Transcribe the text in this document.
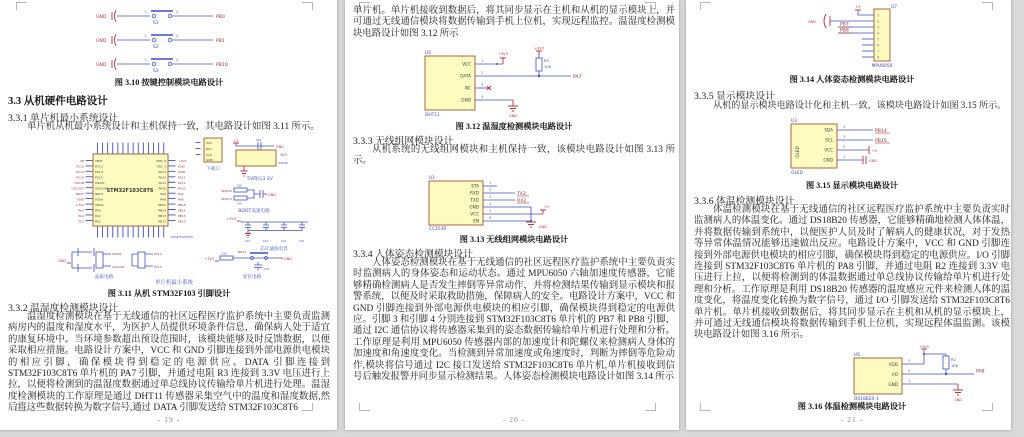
GND
1
S1
2
PB0
GND
1
S2
2
PB1
GND
1
S3
2
PB10
图 3.10 按键控制模块电路设计
3.3 从机硬件电路设计
3.3.1 单片机最小系统设计
单片机从机最小系统设计和主机保持一致，其电路设计如图 3.11 所示。
STM32F103C8T6
VBAT PC13 PC14 PC15 OSCIN OSCOUT NRST VSSA VDDA PA0 PA1 PA2
VB PC13 PC14 PC15 OSCIN OSCOUT NRST GND +3V3 PA0 PA1 TX2
VDD_3 VSS_3 PA13 PA12 PA11 PA10 PA9 PA8 PB15 PB14 PB13 PB12
+3V3 GND SWD PA12 PA11 PA10 PA9 PA8 PB15 PB14 PB13 PB12
STM32F103C8T6
VCC DIO CLK GND
下载口
+5	104
GND
3V3
XC6206
5V降压3.3V
BOOT0
10K
BOOT1
10K
GND
BOOT设置电路
+3V3
104	104	104	104
芯片滤波电容
GND
OSCIN
OSCOUT
PC14
PC15
晶振电路
+3V3
10K	NRST
GND
104
复位电路
单片机最小系统
图 3.11 从机 STM32F103 引脚设计
3.3.2 温湿度检测模块设计
温湿度检测模块在基于无线通信的社区远程医疗监护系统中主要负责监测病房内的温度和湿度水平，为医护人员提供环境条件信息，确保病人处于适宜的康复环境中。当环境参数超出预设范围时，该模块能够及时反馈数据，以便采取相应措施。电路设计方案中，VCC 和 GND 引脚连接到外部电源供电模块的相应引脚，确保模块得到稳定的电源供应。DATA 引脚连接到 STM32F103C8T6 单片机的 PA7 引脚，并通过电阻 R3 连接到 3.3V 电压进行上拉，以便将检测到的温湿度数据通过单总线协议传输给单片机进行处理。温湿度检测模块的工作原理是通过 DHT11 传感器采集空气中的温度和湿度数据,然后将这些数据转换为数字信号,通过 DATA 引脚发送给 STM32F103C8T6
- 19 -
单片机。单片机接收到数据后，将其同步显示在主机和从机的显示模块上，并可通过无线通信模块将数据传输到手机上位机，实现远程监控。温湿度检测模块电路设计如图 3.12 所示
U5
DHT11
VCC DATA NC GND
1 2 3 4
+3V3
+3V3
R3
10K
PA7
GND
图 3.12 温湿度检测模块电路设计
3.3.3 无线组网模块设计
从机系统的无线组网模块和主机保持一致，该模块电路设计如图 3.13 所示。
U1
CC2530
STA RXD TXD GND VCC EN
1 2 3 4 5 6
TX2
RX2
+5
GND
图 3.13 无线组网模块电路设计
3.3.4 人体姿态检测模块设计
人体姿态检测模块在基于无线通信的社区远程医疗监护系统中主要负责实时监测病人的身体姿态和运动状态。通过 MPU6050 六轴加速度传感器，它能够精确检测病人是否发生摔倒等异常动作，并将检测结果传输到显示模块和报警系统，以便及时采取救助措施，保障病人的安全。电路设计方案中，VCC 和 GND 引脚连接到外部电源供电模块的相应引脚，确保模块得到稳定的电源供应。引脚 3 和引脚 4 分别连接到 STM32F103C8T6 单片机的 PB7 和 PB8 引脚，通过 I2C 通信协议将传感器采集到的姿态数据传输给单片机进行处理和分析。工作原理是利用 MPU6050 传感器内部的加速度计和陀螺仪来检测病人身体的加速度和角速度变化。当检测到异常加速度或角速度时，判断为摔倒等危险动作,模块将信号通过 I2C 接口发送给 STM32F103C8T6 单片机,单片机接收到信号后触发报警并同步显示检测结果。人体姿态检测模块电路设计如图 3.14 所示
- 20 -
U7
1 2 3 4 5 6 7 8
+5
GND
PB7
PB8
MPU6050
图 3.14 人体姿态检测模块电路设计
3.3.5 显示模块设计
从机的显示模块电路设计化和主机一致，该模块电路设计如图 3.15 所示。
U3
OLED
OLED
SDA SCL VCC GND
4 3 2 1
PB14
PB15
+5
GND
图 3.15 显示模块电路设计
3.3.6 体温检测模块设计
体温检测模块在基于无线通信的社区远程医疗监护系统中主要负责实时监测病人的体温变化。通过 DS18B20 传感器，它能够精确地检测人体体温，并将数据传输到系统中，以便医护人员及时了解病人的健康状况，对于发热等异常体温情况能够迅速做出反应。电路设计方案中，VCC 和 GND 引脚连接到外部电源供电模块的相应引脚，确保模块得到稳定的电源供应。I/O 引脚连接到 STM32F103C8T6 单片机的 PA8 引脚，并通过电阻 R2 连接到 3.3V 电压进行上拉，以便将检测到的体温数据通过单总线协议传输给单片机进行处理和分析。工作原理是利用 DS18B20 传感器的温度感应元件来检测人体的温度变化，将温度变化转换为数字信号，通过 I/O 引脚发送给 STM32F103C8T6 单片机。单片机接收到数据后，将其同步显示在主机和从机的显示模块上，并可通过无线通信模块将数据传输到手机上位机，实现远程体温监测。该模块电路设计如图 3.16 所示。
+3V3
R2
10K
U5
DS18B20-1
VDD I/O GND
3 2 1
PA8
GND
图 3.16 体温检测模块电路设计
- 21 -
